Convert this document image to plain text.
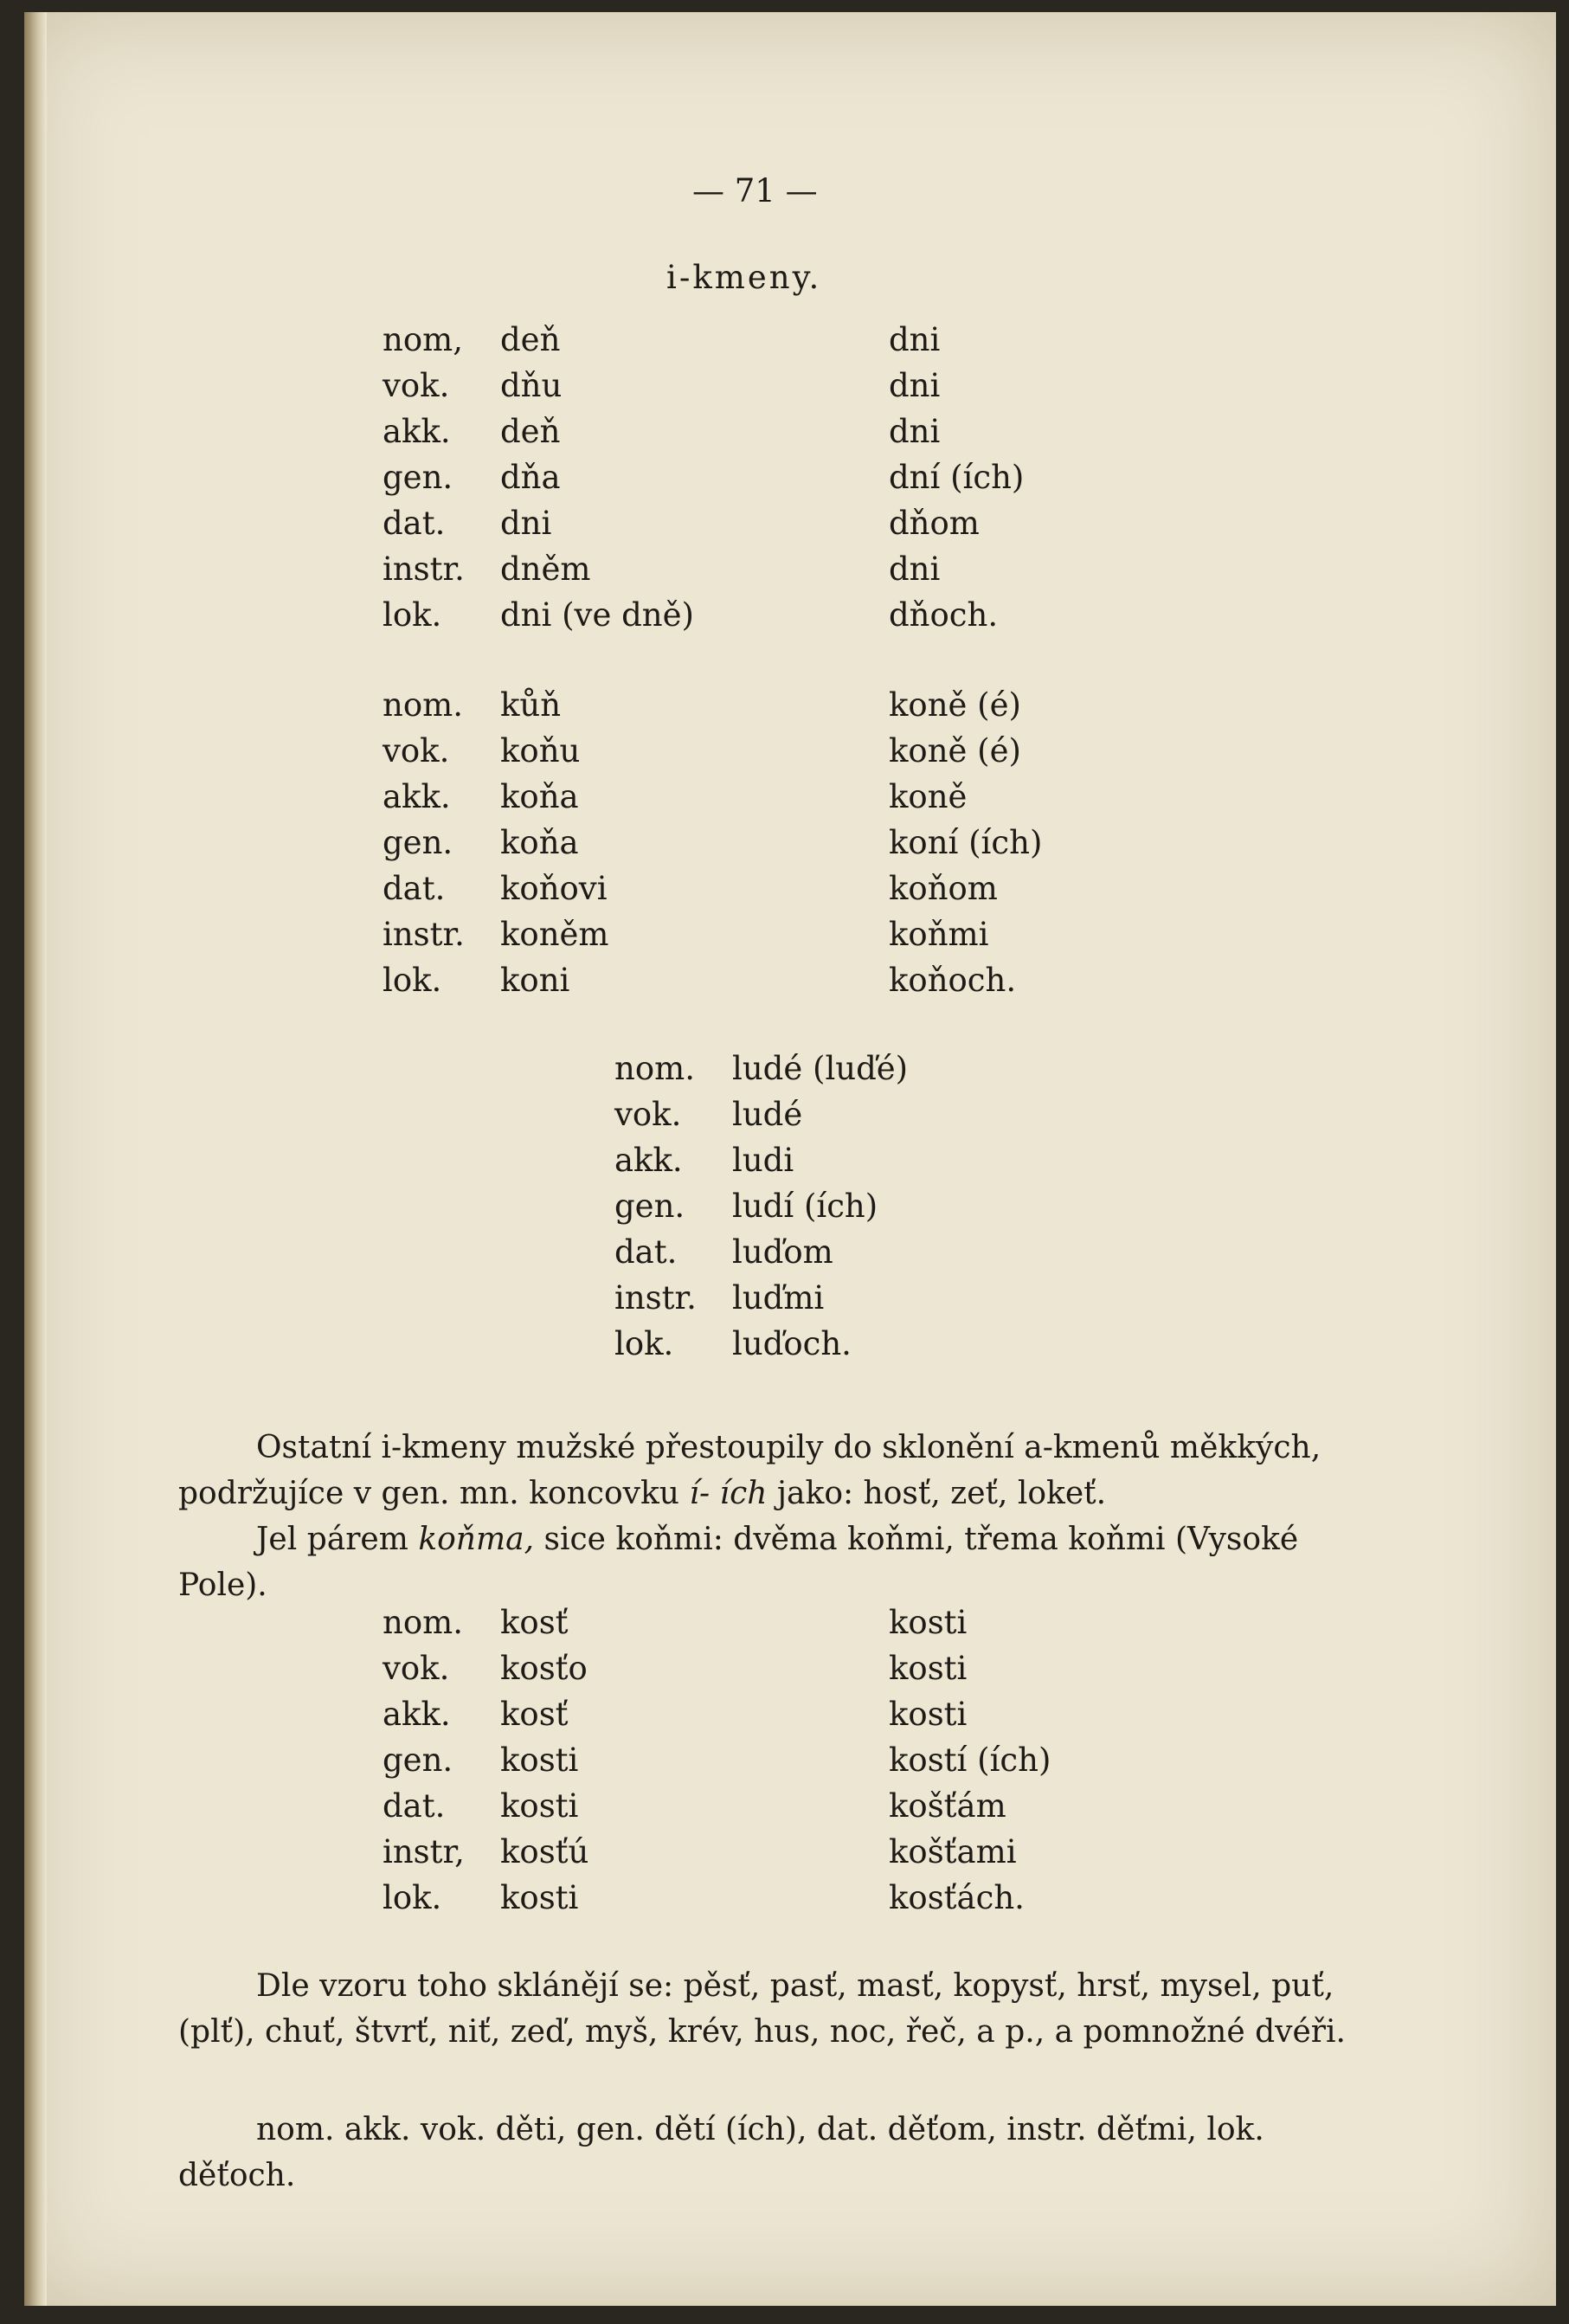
— 71 —

i-kmeny.

nom, deň	dni

vok. dňu	dni

akk. deň	dni

gen. dňa	dní (ích)

dat. dni	dňom

instr. dněm	dni

lok. dni (ve dně)	dňoch.

nom. kůň	koně (é)

vok. koňu	koně (é)

akk. koňa	koně

gen. koňa	koní (ích)

dat. koňovi	koňom

instr. koněm	koňmi

lok. koni	koňoch.

nom. ludé (luďé)

vok. ludé

akk. ludi

gen. ludí (ích)

dat. luďom

instr. luďmi

lok. luďoch.

Ostatní i-kmeny mužské přestoupily do sklonění a-kmenů měkkých, podržujíce v gen. mn. koncovku í- ích jako: hosť, zeť, lokeť.

Jel párem koňma, sice koňmi: dvěma koňmi, třema koňmi (Vysoké Pole).

nom. kosť	kosti

vok. kosťo	kosti

akk. kosť	kosti

gen. kosti	kostí (ích)

dat. kosti	košťám

instr, kosťú	košťami

lok. kosti	kosťách.

Dle vzoru toho sklánějí se: pěsť, pasť, masť, kopysť, hrsť, mysel, puť, (plť), chuť, štvrť, niť, zeď, myš, krév, hus, noc, řeč, a p., a pomnožné dvéři.

nom. akk. vok. děti, gen. dětí (ích), dat. děťom, instr. děťmi, lok. děťoch.
